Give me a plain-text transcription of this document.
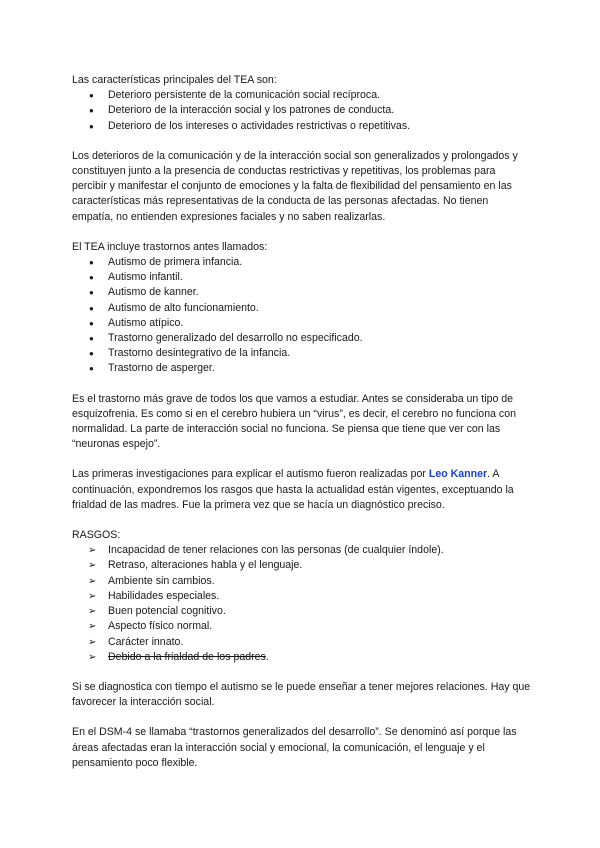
Las características principales del TEA son:

● Deterioro persistente de la comunicación social recíproca.
● Deterioro de la interacción social y los patrones de conducta.
● Deterioro de los intereses o actividades restrictivas o repetitivas.

Los deterioros de la comunicación y de la interacción social son generalizados y prolongados y constituyen junto a la presencia de conductas restrictivas y repetitivas, los problemas para percibir y manifestar el conjunto de emociones y la falta de flexibilidad del pensamiento en las características más representativas de la conducta de las personas afectadas. No tienen empatía, no entienden expresiones faciales y no saben realizarlas.

El TEA incluye trastornos antes llamados:

● Autismo de primera infancia.
● Autismo infantil.
● Autismo de kanner.
● Autismo de alto funcionamiento.
● Autismo atípico.
● Trastorno generalizado del desarrollo no especificado.
● Trastorno desintegrativo de la infancia.
● Trastorno de asperger.

Es el trastorno más grave de todos los que vamos a estudiar. Antes se consideraba un tipo de esquizofrenia. Es como si en el cerebro hubiera un “virus”, es decir, el cerebro no funciona con normalidad. La parte de interacción social no funciona. Se piensa que tiene que ver con las “neuronas espejo”.

Las primeras investigaciones para explicar el autismo fueron realizadas por Leo Kanner. A continuación, expondremos los rasgos que hasta la actualidad están vigentes, exceptuando la frialdad de las madres. Fue la primera vez que se hacía un diagnóstico preciso.

RASGOS:

➢ Incapacidad de tener relaciones con las personas (de cualquier índole).
➢ Retraso, alteraciones habla y el lenguaje.
➢ Ambiente sin cambios.
➢ Habilidades especiales.
➢ Buen potencial cognitivo.
➢ Aspecto físico normal.
➢ Carácter innato.
➢ Debido a la frialdad de los padres.

Si se diagnostica con tiempo el autismo se le puede enseñar a tener mejores relaciones. Hay que favorecer la interacción social.

En el DSM-4 se llamaba “trastornos generalizados del desarrollo”. Se denominó así porque las áreas afectadas eran la interacción social y emocional, la comunicación, el lenguaje y el pensamiento poco flexible.
